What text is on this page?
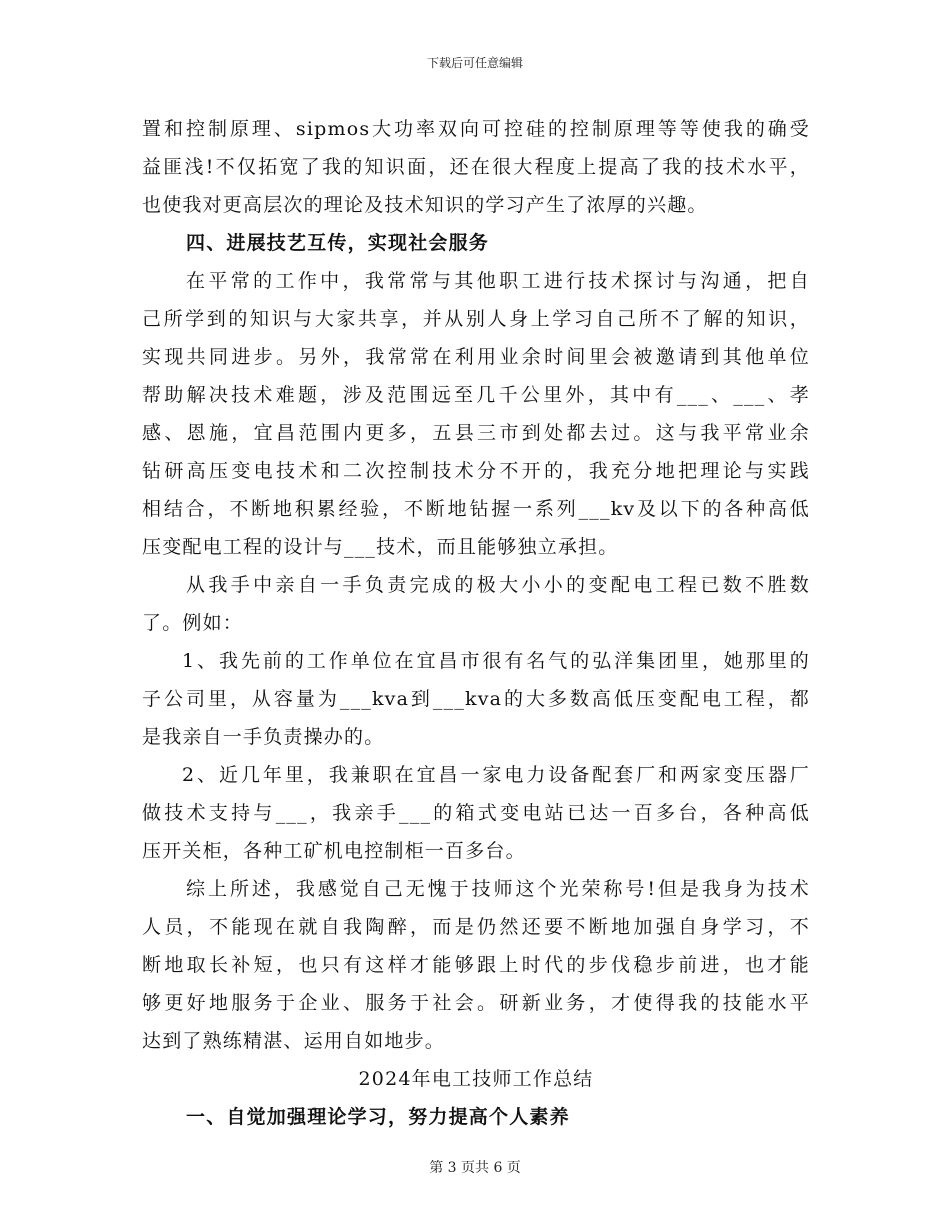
下载后可任意编辑
置和控制原理、sipmos大功率双向可控硅的控制原理等等使我的确受
益匪浅!不仅拓宽了我的知识面，还在很大程度上提高了我的技术水平，
也使我对更高层次的理论及技术知识的学习产生了浓厚的兴趣。
四、进展技艺互传，实现社会服务
在平常的工作中，我常常与其他职工进行技术探讨与沟通，把自
己所学到的知识与大家共享，并从别人身上学习自己所不了解的知识，
实现共同进步。另外，我常常在利用业余时间里会被邀请到其他单位
帮助解决技术难题，涉及范围远至几千公里外，其中有___、___、孝
感、恩施，宜昌范围内更多，五县三市到处都去过。这与我平常业余
钻研高压变电技术和二次控制技术分不开的，我充分地把理论与实践
相结合，不断地积累经验，不断地钻握一系列___kv及以下的各种高低
压变配电工程的设计与___技术，而且能够独立承担。
从我手中亲自一手负责完成的极大小小的变配电工程已数不胜数
了。例如：
1、我先前的工作单位在宜昌市很有名气的弘洋集团里，她那里的
子公司里，从容量为___kva到___kva的大多数高低压变配电工程，都
是我亲自一手负责操办的。
2、近几年里，我兼职在宜昌一家电力设备配套厂和两家变压器厂
做技术支持与___，我亲手___的箱式变电站已达一百多台，各种高低
压开关柜，各种工矿机电控制柜一百多台。
综上所述，我感觉自己无愧于技师这个光荣称号!但是我身为技术
人员，不能现在就自我陶醉，而是仍然还要不断地加强自身学习，不
断地取长补短，也只有这样才能够跟上时代的步伐稳步前进，也才能
够更好地服务于企业、服务于社会。研新业务，才使得我的技能水平
达到了熟练精湛、运用自如地步。
2024年电工技师工作总结
一、自觉加强理论学习，努力提高个人素养
第 3 页共 6 页
